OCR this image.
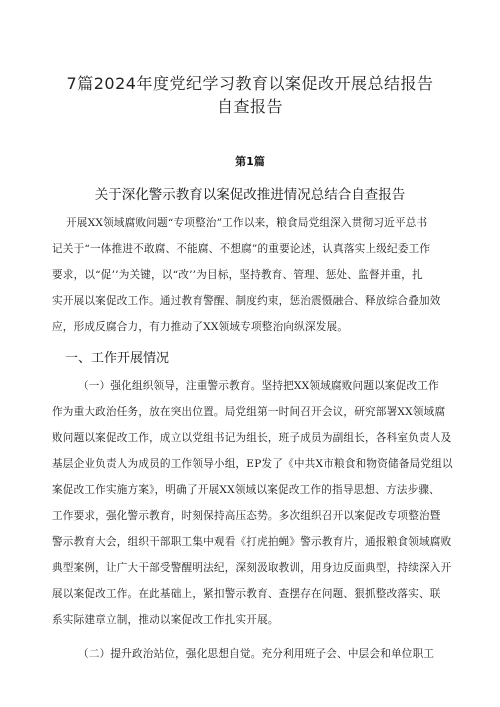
7篇2024年度党纪学习教育以案促改开展总结报告
自查报告
第1篇
关于深化警示教育以案促改推进情况总结合自查报告
开展XX领域腐败问题“专项整治”工作以来，粮食局党组深入贯彻习近平总书
记关于“一体推进不敢腐、不能腐、不想腐”的重要论述，认真落实上级纪委工作
要求，以“促’’为关键，以“改’’为目标，坚持教育、管理、惩处、监督并重，扎
实开展以案促改工作。通过教育警醒、制度约束，惩治震慑融合、释放综合叠加效
应，形成反腐合力，有力推动了XX领域专项整治向纵深发展。
一、工作开展情况
（一）强化组织领导，注重警示教育。坚持把XX领域腐败问题以案促改工作
作为重大政治任务，放在突出位置。局党组第一时间召开会议，研究部署XX领域腐
败问题以案促改工作，成立以党组书记为组长，班子成员为副组长，各科室负责人及
基层企业负责人为成员的工作领导小组，EP发了《中共X市粮食和物资储备局党组以
案促改工作实施方案》，明确了开展XX领域以案促改工作的指导思想、方法步骤、
工作要求，强化警示教育，时刻保持高压态势。多次组织召开以案促改专项整治暨
警示教育大会，组织干部职工集中观看《打虎拍蝇》警示教育片，通报粮食领域腐败
典型案例，让广大干部受警醒明法纪，深刻汲取教训，用身边反面典型，持续深入开
展以案促改工作。在此基础上，紧扣警示教育、查摆存在问题、狠抓整改落实、联
系实际建章立制，推动以案促改工作扎实开展。
（二）提升政治站位，强化思想自觉。充分利用班子会、中层会和单位职工
